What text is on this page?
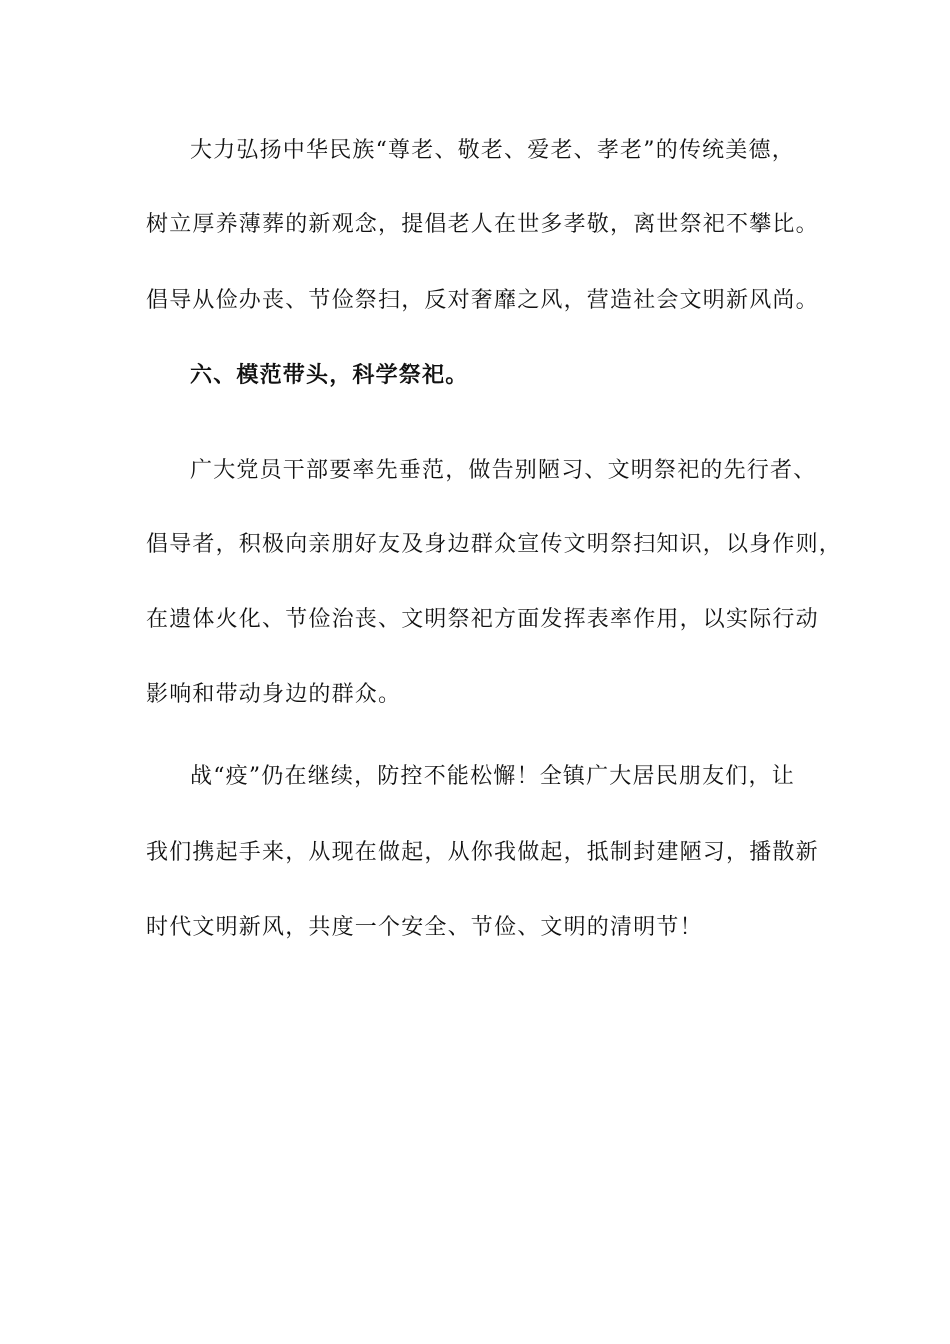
大力弘扬中华民族“尊老、敬老、爱老、孝老”的传统美德，
树立厚养薄葬的新观念，提倡老人在世多孝敬，离世祭祀不攀比。
倡导从俭办丧、节俭祭扫，反对奢靡之风，营造社会文明新风尚。
六、模范带头，科学祭祀。
广大党员干部要率先垂范，做告别陋习、文明祭祀的先行者、
倡导者，积极向亲朋好友及身边群众宣传文明祭扫知识，以身作则，
在遗体火化、节俭治丧、文明祭祀方面发挥表率作用，以实际行动
影响和带动身边的群众。
战“疫”仍在继续，防控不能松懈！全镇广大居民朋友们，让
我们携起手来，从现在做起，从你我做起，抵制封建陋习，播散新
时代文明新风，共度一个安全、节俭、文明的清明节！
